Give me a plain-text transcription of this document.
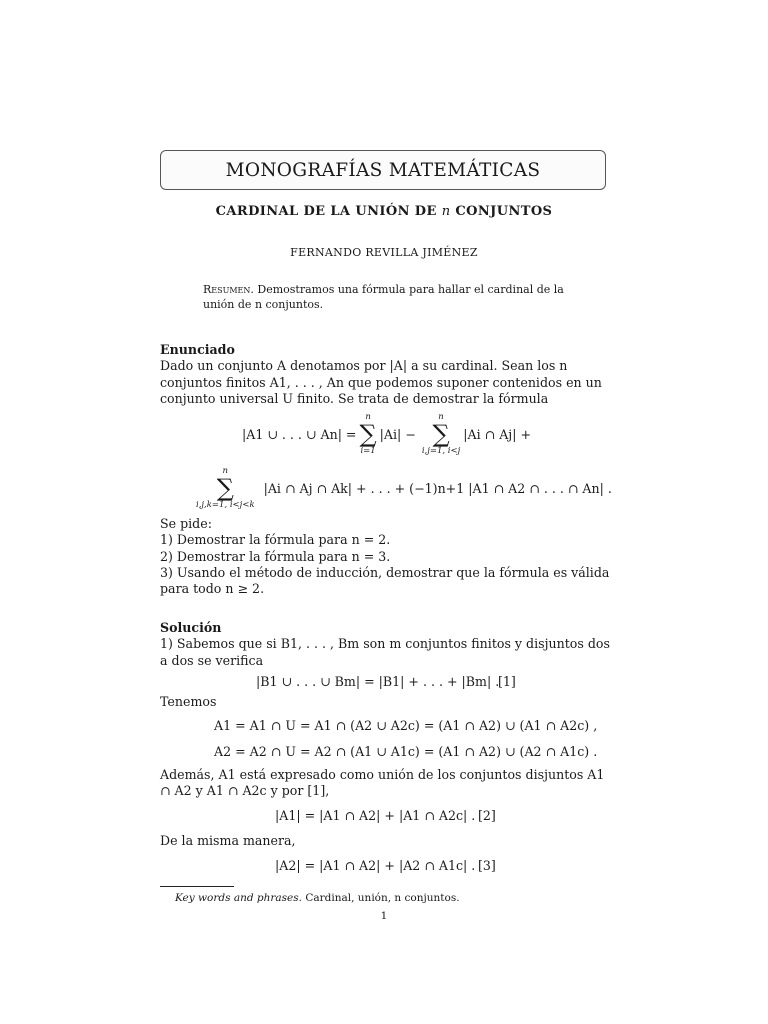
MONOGRAFÍAS MATEMÁTICAS
CARDINAL DE LA UNIÓN DE n CONJUNTOS
FERNANDO REVILLA JIMÉNEZ
Resumen. Demostramos una fórmula para hallar el cardinal de la unión de n conjuntos.
Enunciado
Dado un conjunto A denotamos por |A| a su cardinal. Sean los n conjuntos finitos A1, . . . , An que podemos suponer contenidos en un conjunto universal U finito. Se trata de demostrar la fórmula
|A1 ∪ . . . ∪ An| =
n
∑
i=1
|Ai| −
n
∑
i,j=1, i<j
|Ai ∩ Aj| +
n
∑
i,j,k=1, i<j<k
|Ai ∩ Aj ∩ Ak| + . . . + (−1)n+1 |A1 ∩ A2 ∩ . . . ∩ An| .
Se pide:
1) Demostrar la fórmula para n = 2.
2) Demostrar la fórmula para n = 3.
3) Usando el método de inducción, demostrar que la fórmula es válida para todo n ≥ 2.
Solución
1) Sabemos que si B1, . . . , Bm son m conjuntos finitos y disjuntos dos a dos se verifica
|B1 ∪ . . . ∪ Bm| = |B1| + . . . + |Bm| .
[1]
Tenemos
A1 = A1 ∩ U = A1 ∩ (A2 ∪ A2c) = (A1 ∩ A2) ∪ (A1 ∩ A2c) ,
A2 = A2 ∩ U = A2 ∩ (A1 ∪ A1c) = (A1 ∩ A2) ∪ (A2 ∩ A1c) .
Además, A1 está expresado como unión de los conjuntos disjuntos A1 ∩ A2 y A1 ∩ A2c y por [1],
|A1| = |A1 ∩ A2| + |A1 ∩ A2c| . [2]
De la misma manera,
|A2| = |A1 ∩ A2| + |A2 ∩ A1c| . [3]
Key words and phrases. Cardinal, unión, n conjuntos.
1
